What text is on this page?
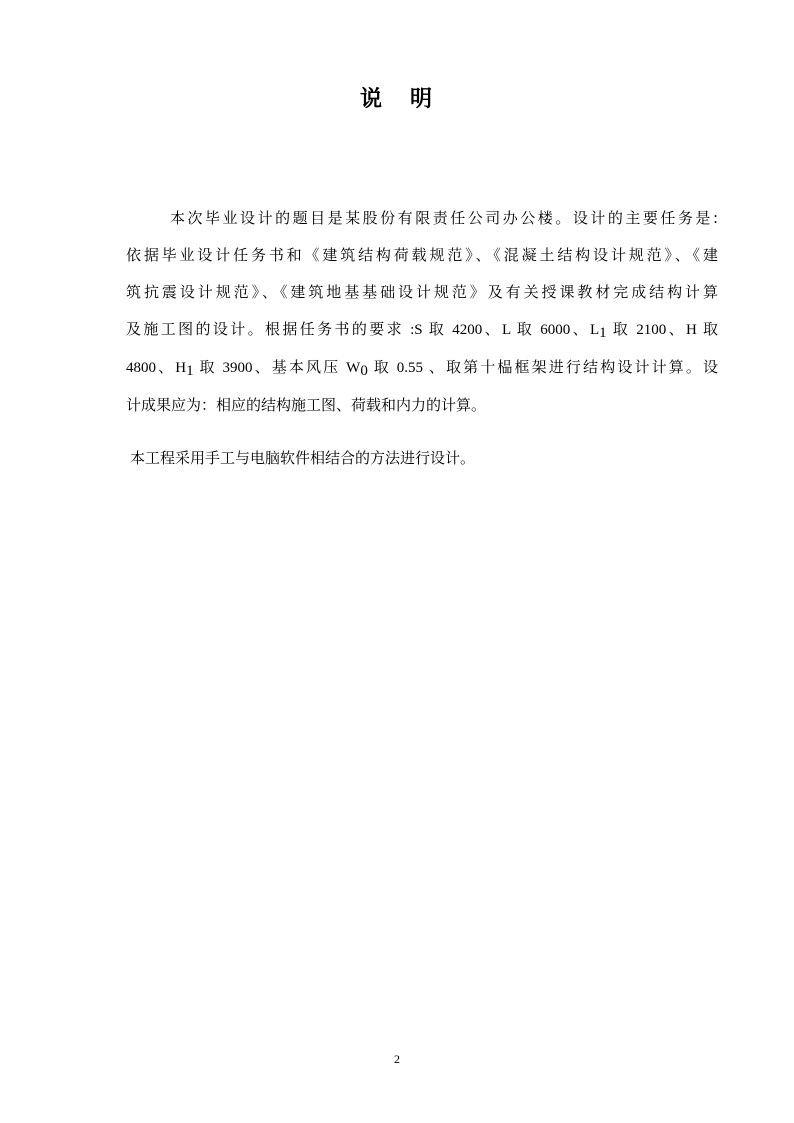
说 明
本次毕业设计的题目是某股份有限责任公司办公楼。设计的主要任务是:
依据毕业设计任务书和《建筑结构荷载规范》、《混凝土结构设计规范》、《建
筑抗震设计规范》、《建筑地基基础设计规范》及有关授课教材完成结构计算
及施工图的设计。根据任务书的要求 :S 取 4200、L 取 6000、$L_1$ 取 2100、H 取
4800、$H_1$ 取 3900、基本风压 $W_0$ 取 0.55 、取第十榀框架进行结构设计计算。设
计成果应为：相应的结构施工图、荷载和内力的计算。
本工程采用手工与电脑软件相结合的方法进行设计。
2
